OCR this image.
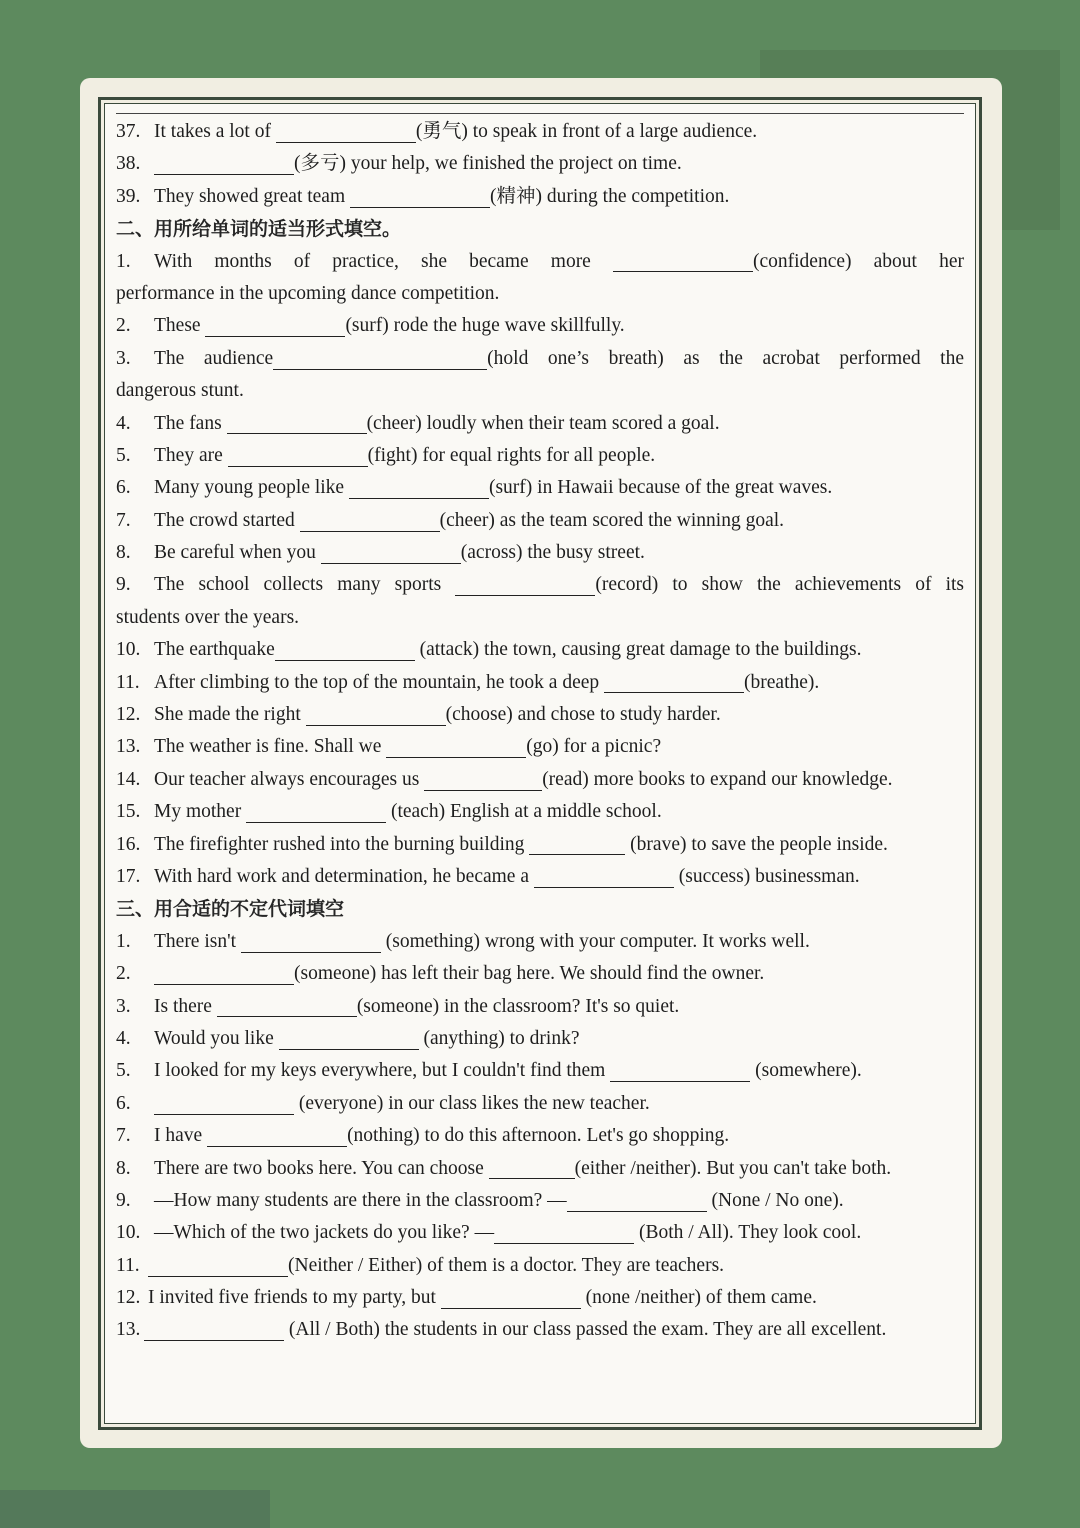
37. It takes a lot of	(勇气) to speak in front of a large audience.
38.	(多亏) your help, we finished the project on time.
39. They showed great team	(精神) during the competition.
二、用所给单词的适当形式填空。
1. With months of practice, she became more	(confidence) about her
performance in the upcoming dance competition.
2. These	(surf) rode the huge wave skillfully.
3. The audience	(hold one’s breath) as the acrobat performed the
dangerous stunt.
4. The fans	(cheer) loudly when their team scored a goal.
5. They are	(fight) for equal rights for all people.
6. Many young people like	(surf) in Hawaii because of the great waves.
7. The crowd started	(cheer) as the team scored the winning goal.
8. Be careful when you	(across) the busy street.
9. The school collects many sports	(record) to show the achievements of its
students over the years.
10. The earthquake	(attack) the town, causing great damage to the buildings.
11. After climbing to the top of the mountain, he took a deep	(breathe).
12. She made the right	(choose) and chose to study harder.
13. The weather is fine. Shall we	(go) for a picnic?
14. Our teacher always encourages us	(read) more books to expand our knowledge.
15. My mother	(teach) English at a middle school.
16. The firefighter rushed into the burning building	(brave) to save the people inside.
17. With hard work and determination, he became a	(success) businessman.
三、用合适的不定代词填空
1. There isn't	(something) wrong with your computer. It works well.
2.	(someone) has left their bag here. We should find the owner.
3. Is there	(someone) in the classroom? It's so quiet.
4. Would you like	(anything) to drink?
5. I looked for my keys everywhere, but I couldn't find them	(somewhere).
6.	(everyone) in our class likes the new teacher.
7. I have	(nothing) to do this afternoon. Let's go shopping.
8. There are two books here. You can choose	(either /neither). But you can't take both.
9. —How many students are there in the classroom? —	(None / No one).
10. —Which of the two jackets do you like? —	(Both / All). They look cool.
11.	(Neither / Either) of them is a doctor. They are teachers.
12. I invited five friends to my party, but	(none /neither) of them came.
13.	(All / Both) the students in our class passed the exam. They are all excellent.
